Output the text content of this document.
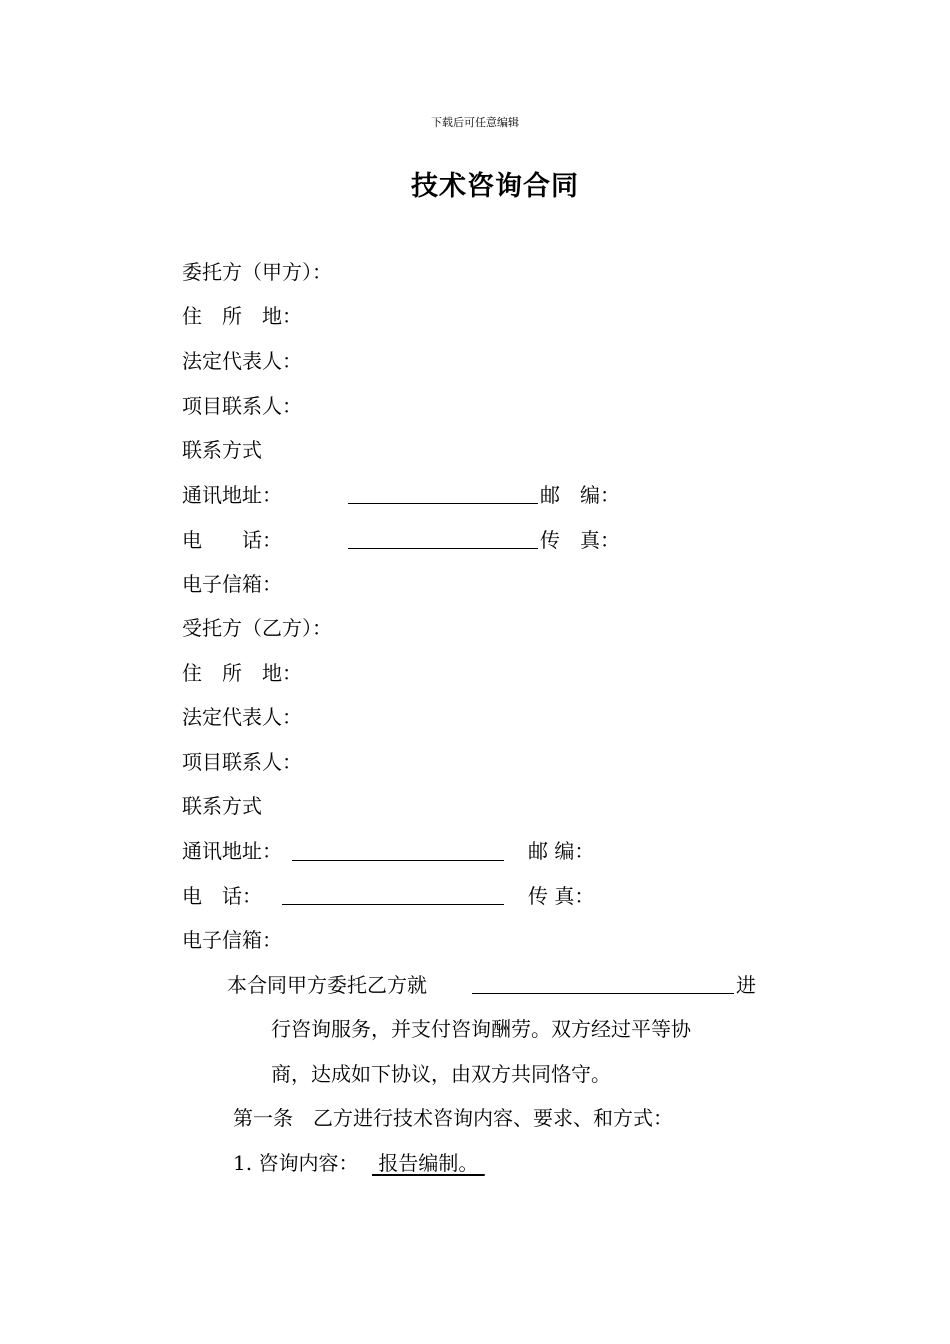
下载后可任意编辑
技术咨询合同
委托方（甲方）：
住　所　地：
法定代表人：
项目联系人：
联系方式
通讯地址：	邮　编：
电　　话：	传　真：
电子信箱：
受托方（乙方）：
住　所　地：
法定代表人：
项目联系人：
联系方式
通讯地址：	邮 编：
电　话：	传 真：
电子信箱：
本合同甲方委托乙方就	进
行咨询服务，并支付咨询酬劳。双方经过平等协
商，达成如下协议，由双方共同恪守。
第一条　乙方进行技术咨询内容、要求、和方式：
1. 咨询内容： 报告编制。
